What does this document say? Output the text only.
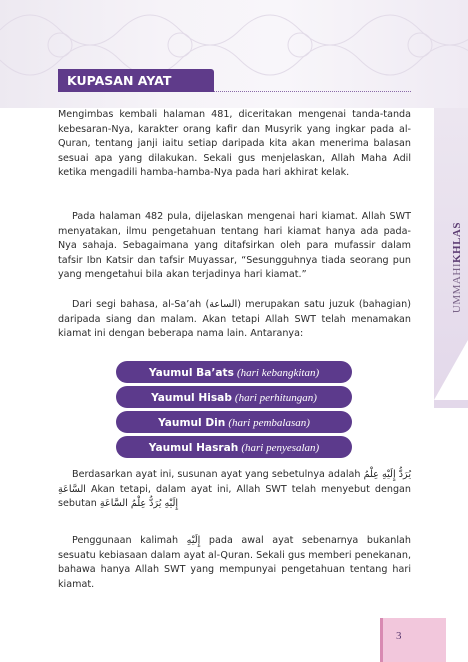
UMMAHIKHLAS
KUPASAN AYAT

Mengimbas kembali halaman 481, diceritakan mengenai tanda-tanda kebesaran-Nya, karakter orang kafir dan Musyrik yang ingkar pada al-Quran, tentang janji iaitu setiap daripada kita akan menerima balasan sesuai apa yang dilakukan. Sekali gus menjelaskan, Allah Maha Adil ketika mengadili hamba-hamba-Nya pada hari akhirat kelak.

Pada halaman 482 pula, dijelaskan mengenai hari kiamat. Allah SWT menyatakan, ilmu pengetahuan tentang hari kiamat hanya ada pada-Nya sahaja. Sebagaimana yang ditafsirkan oleh para mufassir dalam tafsir Ibn Katsir dan tafsir Muyassar, “Sesungguhnya tiada seorang pun yang mengetahui bila akan terjadinya hari kiamat.”

Dari segi bahasa, al-Sa’ah (الساعة) merupakan satu juzuk (bahagian) daripada siang dan malam. Akan tetapi Allah SWT telah menamakan kiamat ini dengan beberapa nama lain. Antaranya:

Yaumul Ba’ats (hari kebangkitan)
Yaumul Hisab (hari perhitungan)
Yaumul Din (hari pembalasan)
Yaumul Hasrah (hari penyesalan)

Berdasarkan ayat ini, susunan ayat yang sebetulnya adalah يُرَدُّ إِلَيْهِ عِلْمُ السَّاعَةِ Akan tetapi, dalam ayat ini, Allah SWT telah menyebut dengan sebutan إِلَيْهِ يُرَدُّ عِلْمُ السَّاعَةِ

Penggunaan kalimah إِلَيْهِ pada awal ayat sebenarnya bukanlah sesuatu kebiasaan dalam ayat al-Quran. Sekali gus memberi penekanan, bahawa hanya Allah SWT yang mempunyai pengetahuan tentang hari kiamat.

3
